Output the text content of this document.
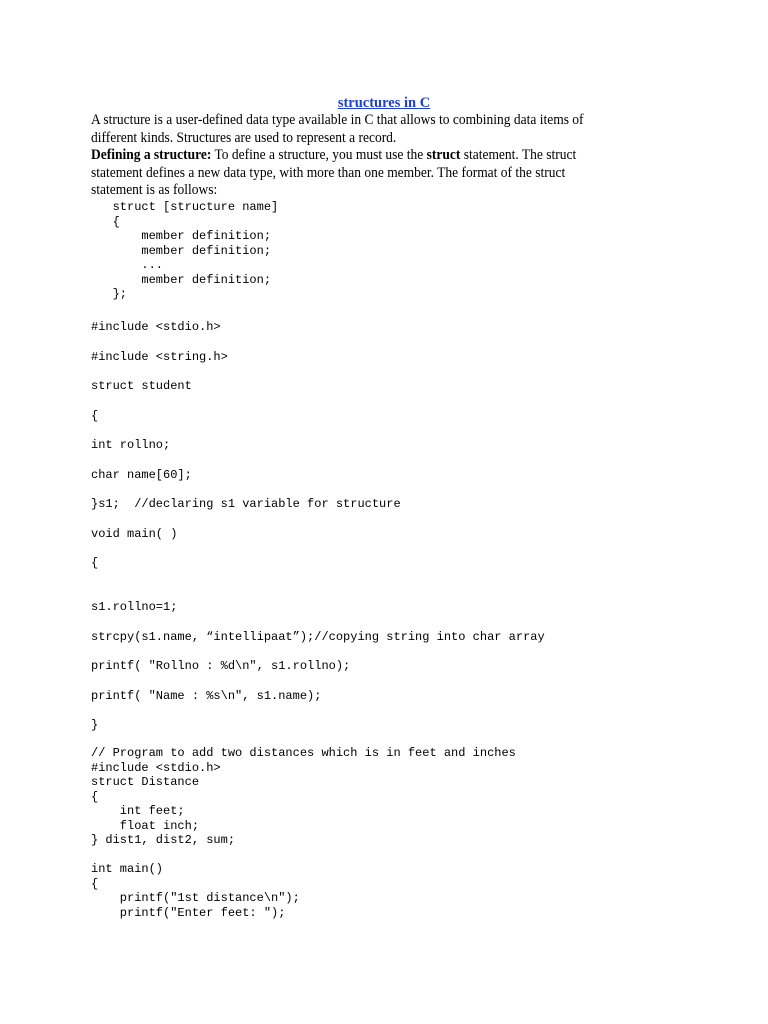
structures in C

A structure is a user-defined data type available in C that allows to combining data items of different kinds. Structures are used to represent a record.

Defining a structure: To define a structure, you must use the struct statement. The struct statement defines a new data type, with more than one member. The format of the struct statement is as follows:

struct [structure name]
{
member definition;
member definition;
...
member definition;
};
#include <stdio.h>
#include <string.h>
struct student
{
int rollno;
char name[60];
}s1;  //declaring s1 variable for structure
void main( )
{
s1.rollno=1;
strcpy(s1.name, “intellipaat”);//copying string into char array
printf( "Rollno : %d\n", s1.rollno);
printf( "Name : %s\n", s1.name);
}
// Program to add two distances which is in feet and inches
#include <stdio.h>
struct Distance
{
int feet;
float inch;
} dist1, dist2, sum;
int main()
{
printf("1st distance\n");
printf("Enter feet: ");
